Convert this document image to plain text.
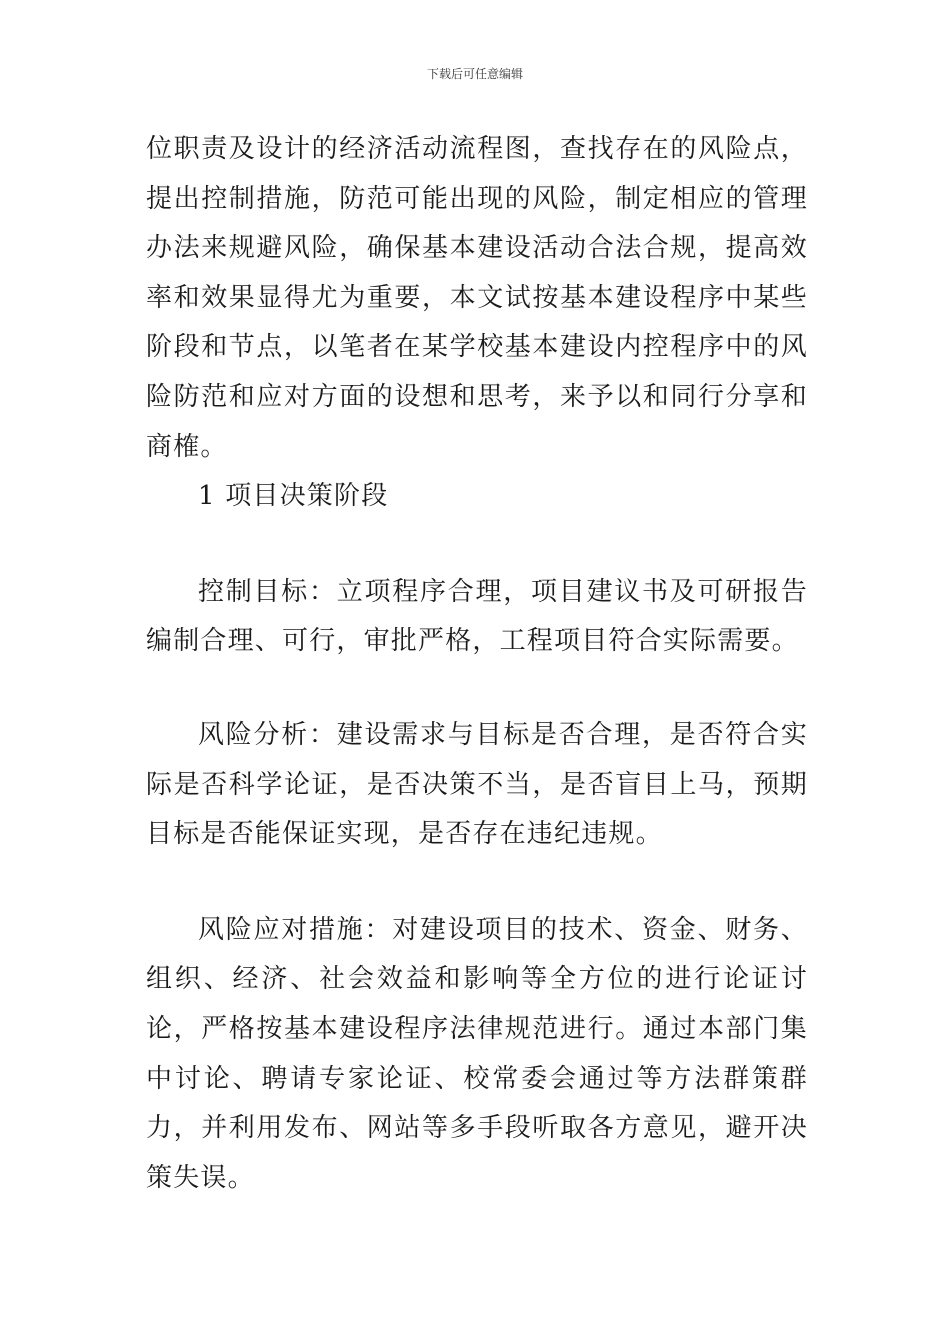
下载后可任意编辑

位职责及设计的经济活动流程图，查找存在的风险点，提出控制措施，防范可能出现的风险，制定相应的管理办法来规避风险，确保基本建设活动合法合规，提高效率和效果显得尤为重要，本文试按基本建设程序中某些阶段和节点，以笔者在某学校基本建设内控程序中的风险防范和应对方面的设想和思考，来予以和同行分享和商榷。

1 项目决策阶段

控制目标：立项程序合理，项目建议书及可研报告编制合理、可行，审批严格，工程项目符合实际需要。

风险分析：建设需求与目标是否合理，是否符合实际是否科学论证，是否决策不当，是否盲目上马，预期目标是否能保证实现，是否存在违纪违规。

风险应对措施：对建设项目的技术、资金、财务、组织、经济、社会效益和影响等全方位的进行论证讨论，严格按基本建设程序法律规范进行。通过本部门集中讨论、聘请专家论证、校常委会通过等方法群策群力，并利用发布、网站等多手段听取各方意见，避开决策失误。
